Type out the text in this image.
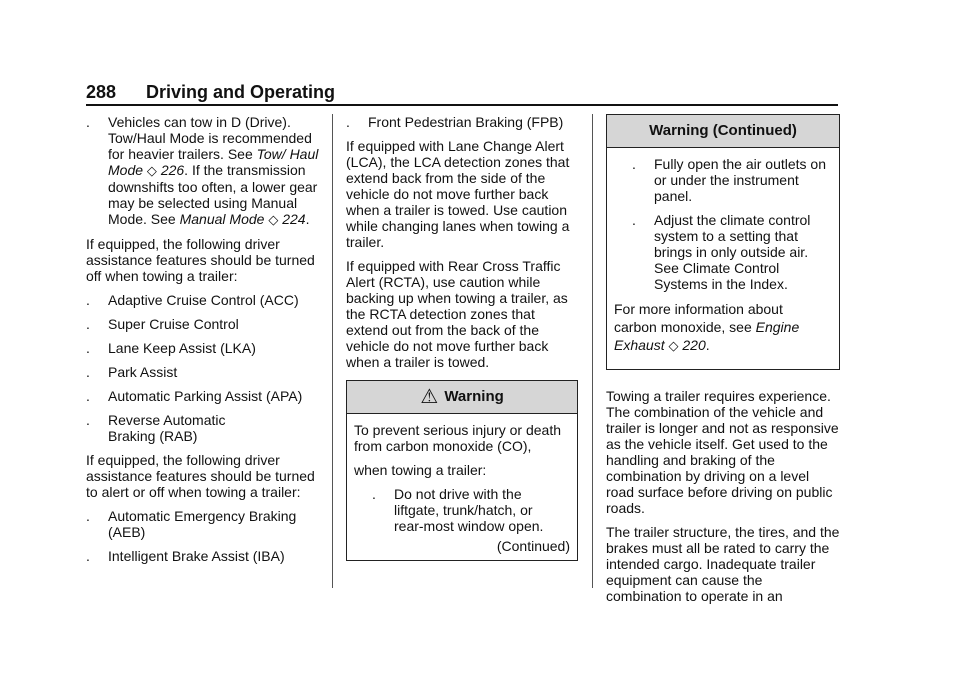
288 Driving and Operating
. Vehicles can tow in D (Drive). Tow/Haul Mode is recommended for heavier trailers. See Tow/ Haul Mode ◇ 226. If the transmission downshifts too often, a lower gear may be selected using Manual Mode. See Manual Mode ◇ 224.

If equipped, the following driver assistance features should be turned off when towing a trailer:

. Adaptive Cruise Control (ACC)
. Super Cruise Control
. Lane Keep Assist (LKA)
. Park Assist
. Automatic Parking Assist (APA)
. Reverse Automatic Braking (RAB)

If equipped, the following driver assistance features should be turned to alert or off when towing a trailer:

. Automatic Emergency Braking (AEB)
. Intelligent Brake Assist (IBA)
. Front Pedestrian Braking (FPB)

If equipped with Lane Change Alert (LCA), the LCA detection zones that extend back from the side of the vehicle do not move further back when a trailer is towed. Use caution while changing lanes when towing a trailer.

If equipped with Rear Cross Traffic Alert (RCTA), use caution while backing up when towing a trailer, as the RCTA detection zones that extend out from the back of the vehicle do not move further back when a trailer is towed.

⚠ Warning

To prevent serious injury or death from carbon monoxide (CO),

when towing a trailer:

. Do not drive with the liftgate, trunk/hatch, or rear-most window open.
(Continued)
Warning (Continued)
. Fully open the air outlets on or under the instrument panel.
. Adjust the climate control system to a setting that brings in only outside air. See Climate Control Systems in the Index.

For more information about carbon monoxide, see Engine Exhaust ◇ 220.

Towing a trailer requires experience. The combination of the vehicle and trailer is longer and not as responsive as the vehicle itself. Get used to the handling and braking of the combination by driving on a level road surface before driving on public roads.

The trailer structure, the tires, and the brakes must all be rated to carry the intended cargo. Inadequate trailer equipment can cause the combination to operate in an
